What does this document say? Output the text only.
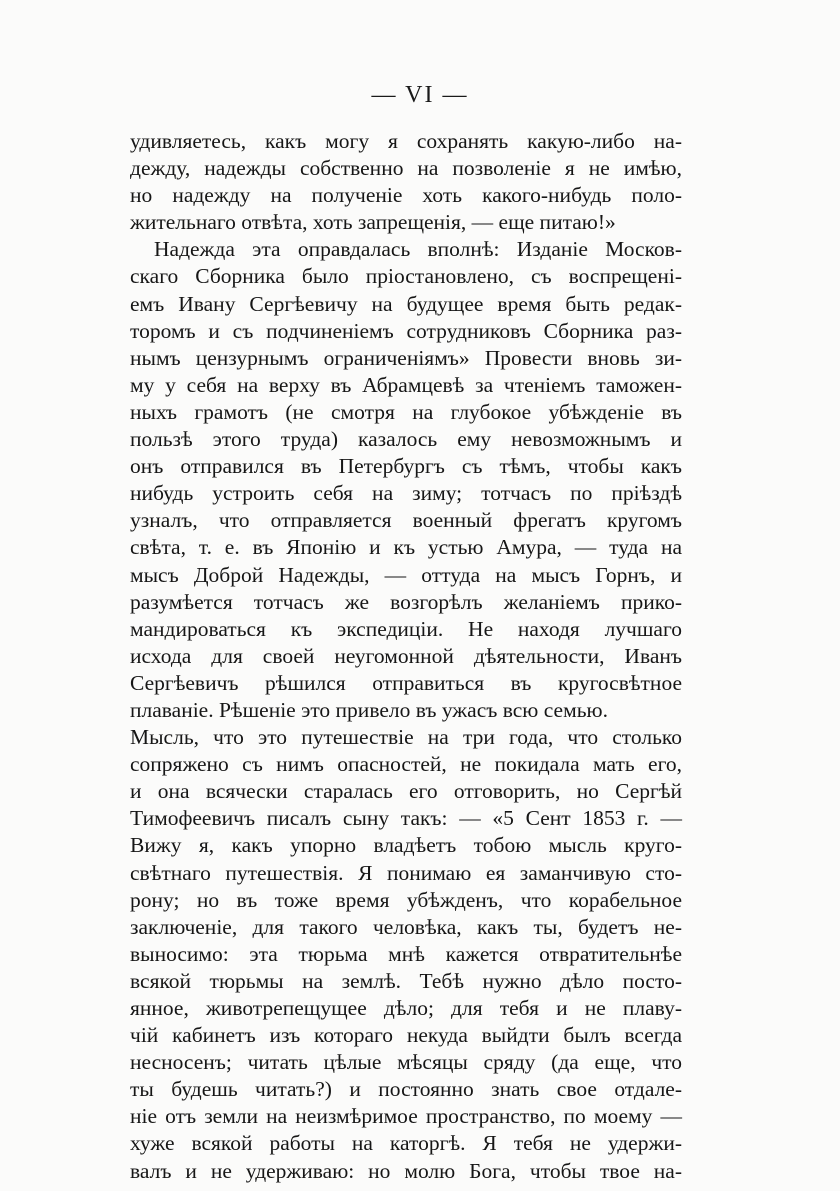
— VI —
удивляетесь, какъ могу я сохранять какую-либо на-
дежду, надежды собственно на позволеніе я не имѣю,
но надежду на полученіе хоть какого-нибудь поло-
жительнаго отвѣта, хоть запрещенія, — еще питаю!»
Надежда эта оправдалась вполнѣ: Изданіе Москов-
скаго Сборника было пріостановлено, съ воспрещені-
емъ Ивану Сергѣевичу на будущее время быть редак-
торомъ и съ подчиненіемъ сотрудниковъ Сборника раз-
нымъ цензурнымъ ограниченіямъ» Провести вновь зи-
му у себя на верху въ Абрамцевѣ за чтеніемъ таможен-
ныхъ грамотъ (не смотря на глубокое убѣжденіе въ
пользѣ этого труда) казалось ему невозможнымъ и
онъ отправился въ Петербургъ съ тѣмъ, чтобы какъ
нибудь устроить себя на зиму; тотчасъ по пріѣздѣ
узналъ, что отправляется военный фрегатъ кругомъ
свѣта, т. е. въ Японію и къ устью Амура, — туда на
мысъ Доброй Надежды, — оттуда на мысъ Горнъ, и
разумѣется тотчасъ же возгорѣлъ желаніемъ прико-
мандироваться къ экспедиціи. Не находя лучшаго
исхода для своей неугомонной дѣятельности, Иванъ
Сергѣевичъ рѣшился отправиться въ кругосвѣтное
плаваніе. Рѣшеніе это привело въ ужасъ всю семью.
Мысль, что это путешествіе на три года, что столько
сопряжено съ нимъ опасностей, не покидала мать его,
и она всячески старалась его отговорить, но Сергѣй
Тимофеевичъ писалъ сыну такъ: — «5 Сент 1853 г. —
Вижу я, какъ упорно владѣетъ тобою мысль круго-
свѣтнаго путешествія. Я понимаю ея заманчивую сто-
рону; но въ тоже время убѣжденъ, что корабельное
заключеніе, для такого человѣка, какъ ты, будетъ не-
выносимо: эта тюрьма мнѣ кажется отвратительнѣе
всякой тюрьмы на землѣ. Тебѣ нужно дѣло посто-
янное, животрепещущее дѣло; для тебя и не плаву-
чій кабинетъ изъ котораго некуда выйдти былъ всегда
несносенъ; читать цѣлые мѣсяцы сряду (да еще, что
ты будешь читать?) и постоянно знать свое отдале-
ніе отъ земли на неизмѣримое пространство, по моему —
хуже всякой работы на каторгѣ. Я тебя не удержи-
валъ и не удерживаю: но молю Бога, чтобы твое на-
